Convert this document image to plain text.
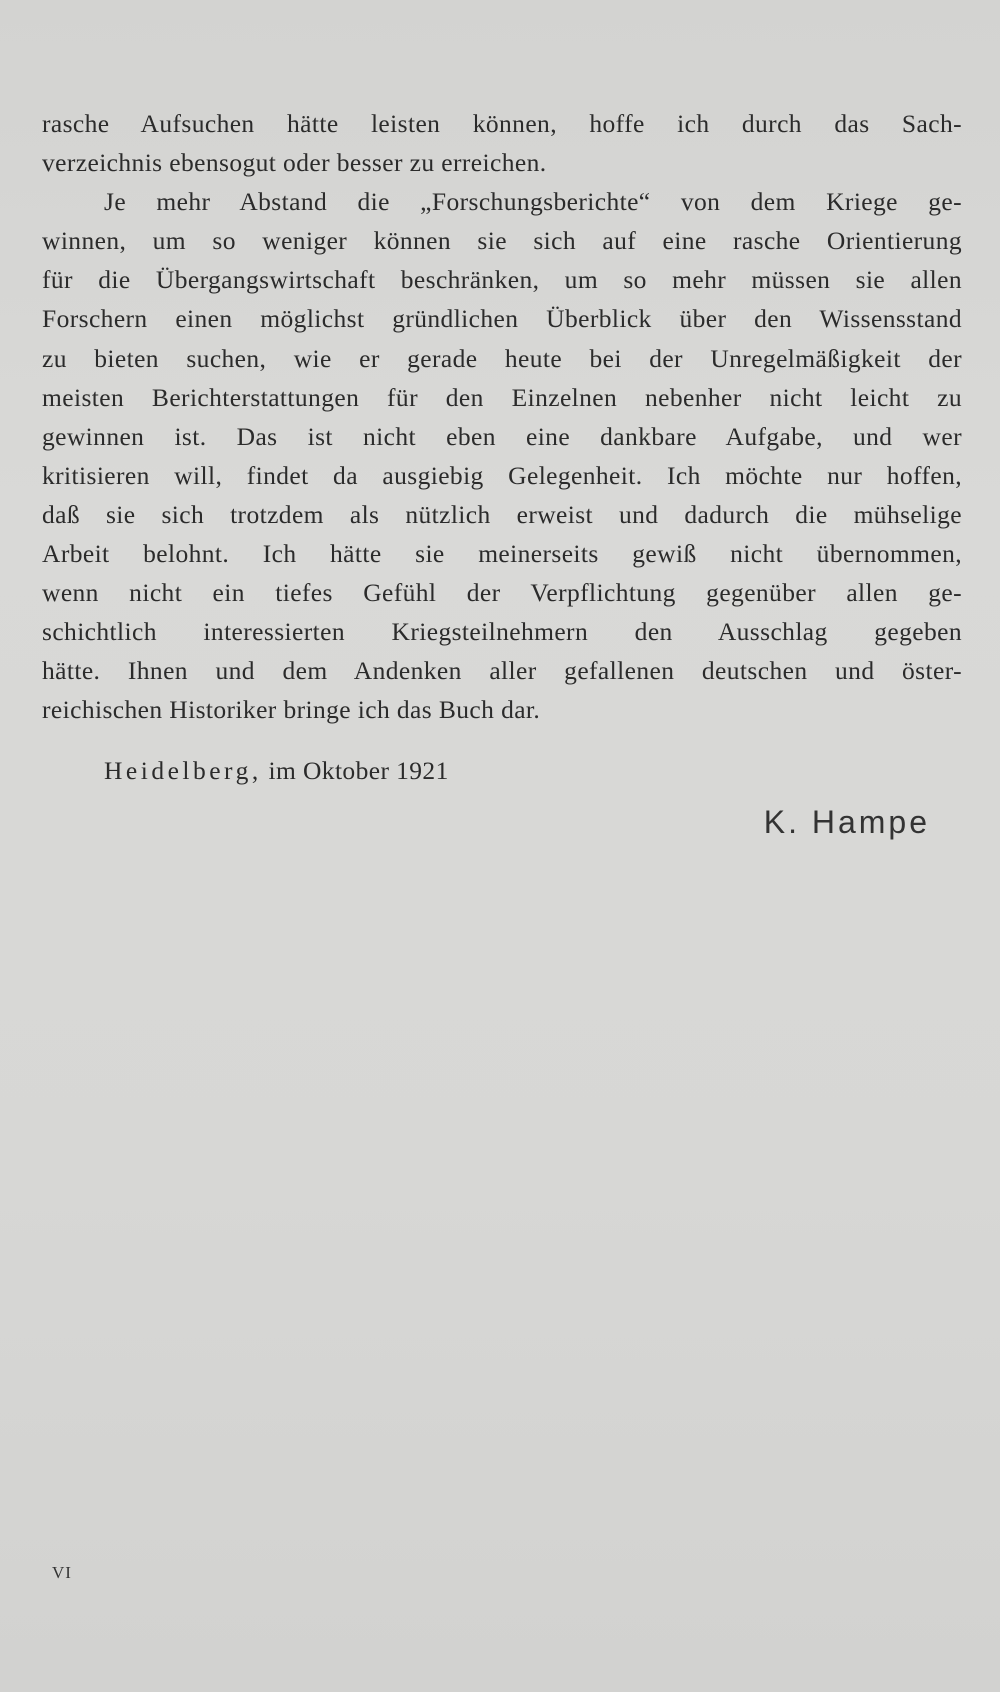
rasche Aufsuchen hätte leisten können, hoffe ich durch das Sach-
verzeichnis ebensogut oder besser zu erreichen.
Je mehr Abstand die „Forschungsberichte“ von dem Kriege ge-
winnen, um so weniger können sie sich auf eine rasche Orientierung
für die Übergangswirtschaft beschränken, um so mehr müssen sie allen
Forschern einen möglichst gründlichen Überblick über den Wissensstand
zu bieten suchen, wie er gerade heute bei der Unregelmäßigkeit der
meisten Berichterstattungen für den Einzelnen nebenher nicht leicht zu
gewinnen ist. Das ist nicht eben eine dankbare Aufgabe, und wer
kritisieren will, findet da ausgiebig Gelegenheit. Ich möchte nur hoffen,
daß sie sich trotzdem als nützlich erweist und dadurch die mühselige
Arbeit belohnt. Ich hätte sie meinerseits gewiß nicht übernommen,
wenn nicht ein tiefes Gefühl der Verpflichtung gegenüber allen ge-
schichtlich interessierten Kriegsteilnehmern den Ausschlag gegeben
hätte. Ihnen und dem Andenken aller gefallenen deutschen und öster-
reichischen Historiker bringe ich das Buch dar.
Heidelberg, im Oktober 1921
K. Hampe
VI
